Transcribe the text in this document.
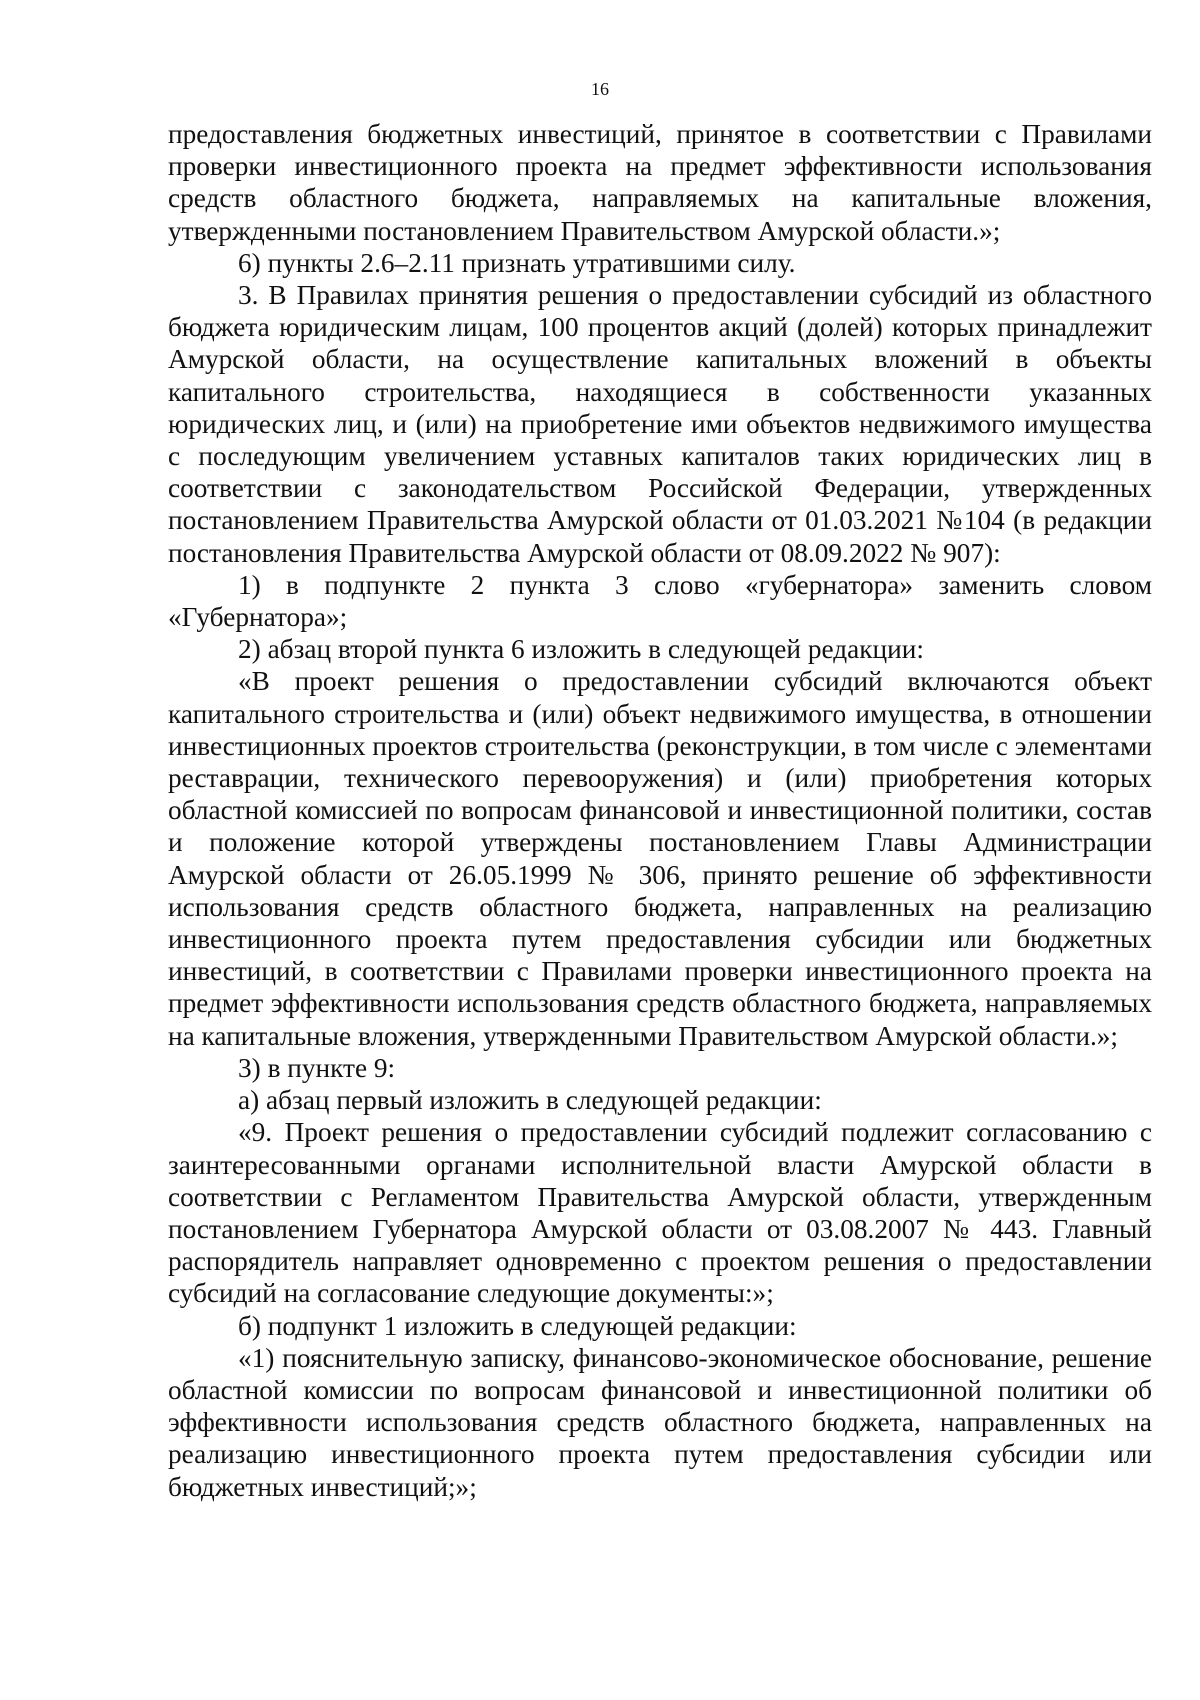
16

предоставления бюджетных инвестиций, принятое в соответствии с Правилами проверки инвестиционного проекта на предмет эффективности использования средств областного бюджета, направляемых на капитальные вложения, утвержденными постановлением Правительством Амурской области.»;

6) пункты 2.6–2.11 признать утратившими силу.

3. В Правилах принятия решения о предоставлении субсидий из областного бюджета юридическим лицам, 100 процентов акций (долей) которых принадлежит Амурской области, на осуществление капитальных вложений в объекты капитального строительства, находящиеся в собственности указанных юридических лиц, и (или) на приобретение ими объектов недвижимого имущества с последующим увеличением уставных капиталов таких юридических лиц в соответствии с законодательством Российской Федерации, утвержденных постановлением Правительства Амурской области от 01.03.2021 №104 (в редакции постановления Правительства Амурской области от 08.09.2022 № 907):

1) в подпункте 2 пункта 3 слово «губернатора» заменить словом «Губернатора»;

2) абзац второй пункта 6 изложить в следующей редакции:

«В проект решения о предоставлении субсидий включаются объект капитального строительства и (или) объект недвижимого имущества, в отношении инвестиционных проектов строительства (реконструкции, в том числе с элементами реставрации, технического перевооружения) и (или) приобретения которых областной комиссией по вопросам финансовой и инвестиционной политики, состав и положение которой утверждены постановлением Главы Администрации Амурской области от 26.05.1999 № 306, принято решение об эффективности использования средств областного бюджета, направленных на реализацию инвестиционного проекта путем предоставления субсидии или бюджетных инвестиций, в соответствии с Правилами проверки инвестиционного проекта на предмет эффективности использования средств областного бюджета, направляемых на капитальные вложения, утвержденными Правительством Амурской области.»;

3) в пункте 9:

а) абзац первый изложить в следующей редакции:

«9. Проект решения о предоставлении субсидий подлежит согласованию с заинтересованными органами исполнительной власти Амурской области в соответствии с Регламентом Правительства Амурской области, утвержденным постановлением Губернатора Амурской области от 03.08.2007 № 443. Главный распорядитель направляет одновременно с проектом решения о предоставлении субсидий на согласование следующие документы:»;

б) подпункт 1 изложить в следующей редакции:

«1) пояснительную записку, финансово-экономическое обоснование, решение областной комиссии по вопросам финансовой и инвестиционной политики об эффективности использования средств областного бюджета, направленных на реализацию инвестиционного проекта путем предоставления субсидии или бюджетных инвестиций;»;
